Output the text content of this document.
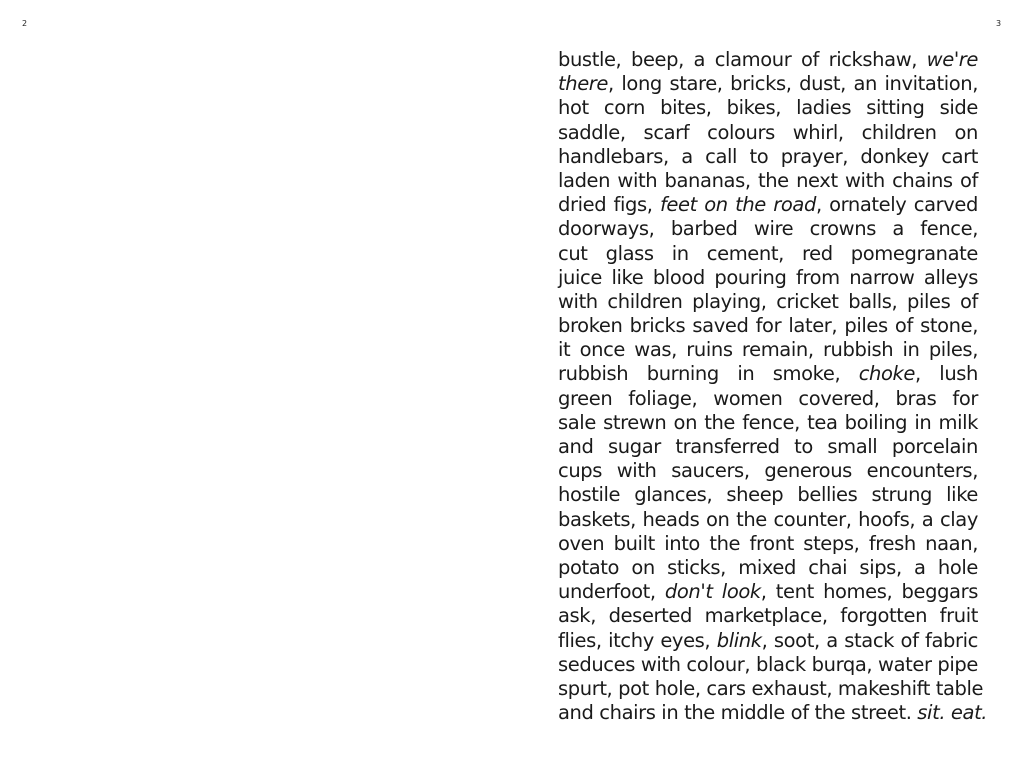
2	3
bustle, beep, a clamour of rickshaw, we're
there, long stare, bricks, dust, an invitation,
hot corn bites, bikes, ladies sitting side
saddle, scarf colours whirl, children on
handlebars, a call to prayer, donkey cart
laden with bananas, the next with chains of
dried figs, feet on the road, ornately carved
doorways, barbed wire crowns a fence,
cut glass in cement, red pomegranate
juice like blood pouring from narrow alleys
with children playing, cricket balls, piles of
broken bricks saved for later, piles of stone,
it once was, ruins remain, rubbish in piles,
rubbish burning in smoke, choke, lush
green foliage, women covered, bras for
sale strewn on the fence, tea boiling in milk
and sugar transferred to small porcelain
cups with saucers, generous encounters,
hostile glances, sheep bellies strung like
baskets, heads on the counter, hoofs, a clay
oven built into the front steps, fresh naan,
potato on sticks, mixed chai sips, a hole
underfoot, don't look, tent homes, beggars
ask, deserted marketplace, forgotten fruit
flies, itchy eyes, blink, soot, a stack of fabric
seduces with colour, black burqa, water pipe
spurt, pot hole, cars exhaust, makeshift table
and chairs in the middle of the street. sit. eat.
